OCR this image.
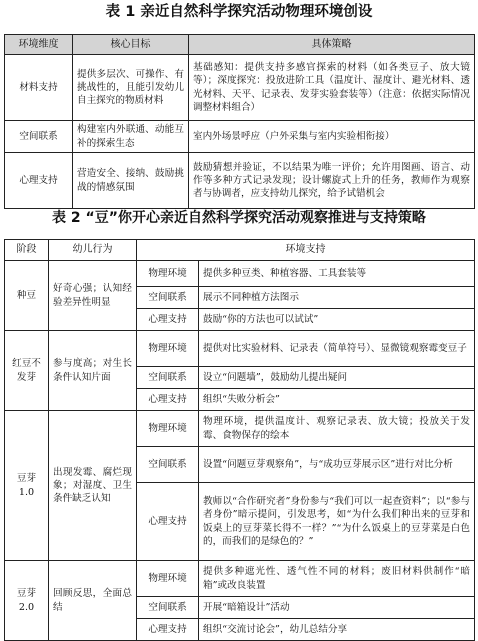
表 1 亲近自然科学探究活动物理环境创设
环境维度	核心目标	具体策略
材料支持	提供多层次、可操作、有挑战性的，且能引发幼儿自主探究的物质材料	基础感知：提供支持多感官探索的材料（如各类豆子、放大镜等）；深度探究：投放进阶工具（温度计、湿度计、避光材料、透光材料、天平、记录表、发芽实验套装等）（注意：依据实际情况调整材料组合）
空间联系	构建室内外联通、动能互补的探索生态	室内外场景呼应（户外采集与室内实验相衔接）
心理支持	营造安全、接纳、鼓励挑战的情感氛围	鼓励猜想并验证，不以结果为唯一评价；允许用图画、语言、动作等多种方式记录发现；设计螺旋式上升的任务，教师作为观察者与协调者，应支持幼儿探究，给予试错机会
表 2 “豆”你开心亲近自然科学探究活动观察推进与支持策略
阶段	幼儿行为	环境支持	
种豆	好奇心强；认知经验差异性明显	物理环境	提供多种豆类、种植容器、工具套装等
		空间联系	展示不同种植方法图示
		心理支持	鼓励“你的方法也可以试试”
红豆不发芽	参与度高；对生长条件认知片面	物理环境	提供对比实验材料、记录表（简单符号）、显微镜观察霉变豆子
		空间联系	设立“问题墙”，鼓励幼儿提出疑问
		心理支持	组织“失败分析会”
豆芽 1.0	出现发霉、腐烂现象；对湿度、卫生条件缺乏认知	物理环境	物理环境，提供温度计、观察记录表、放大镜；投放关于发霉、食物保存的绘本
		空间联系	设置“问题豆芽观察角”，与“成功豆芽展示区”进行对比分析
		心理支持	教师以“合作研究者”身份参与“我们可以一起查资料”；以“参与者身份”暗示提问，引发思考，如“为什么我们种出来的豆芽和饭桌上的豆芽菜长得不一样？”“为什么饭桌上的豆芽菜是白色的，而我们的是绿色的？”
豆芽 2.0	回顾反思，全面总结	物理环境	提供多种遮光性、透气性不同的材料；废旧材料供制作“暗箱”或改良装置
		空间联系	开展“暗箱设计”活动
		心理支持	组织“交流讨论会”，幼儿总结分享
